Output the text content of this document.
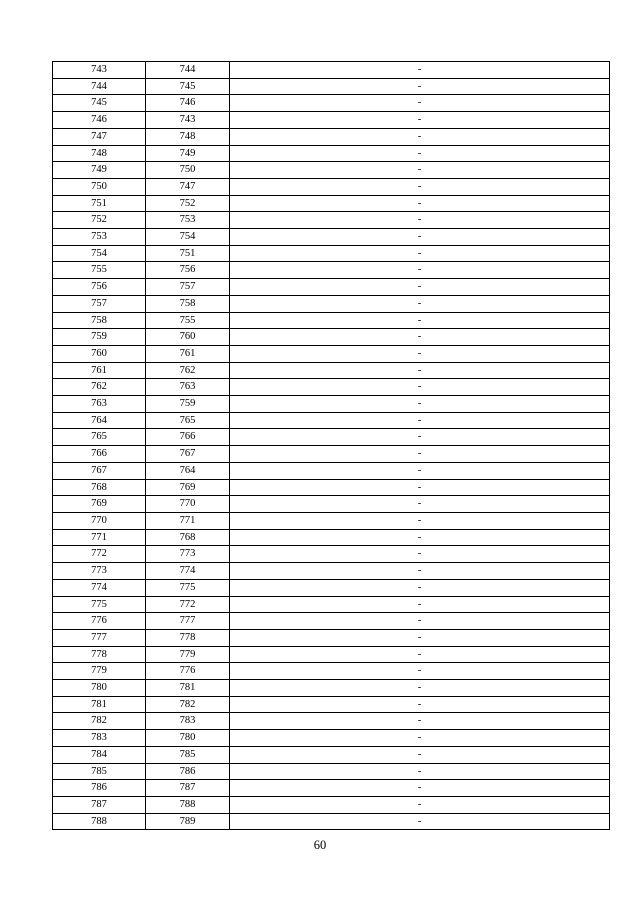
743	744	-
744	745	-
745	746	-
746	743	-
747	748	-
748	749	-
749	750	-
750	747	-
751	752	-
752	753	-
753	754	-
754	751	-
755	756	-
756	757	-
757	758	-
758	755	-
759	760	-
760	761	-
761	762	-
762	763	-
763	759	-
764	765	-
765	766	-
766	767	-
767	764	-
768	769	-
769	770	-
770	771	-
771	768	-
772	773	-
773	774	-
774	775	-
775	772	-
776	777	-
777	778	-
778	779	-
779	776	-
780	781	-
781	782	-
782	783	-
783	780	-
784	785	-
785	786	-
786	787	-
787	788	-
788	789	-
60
